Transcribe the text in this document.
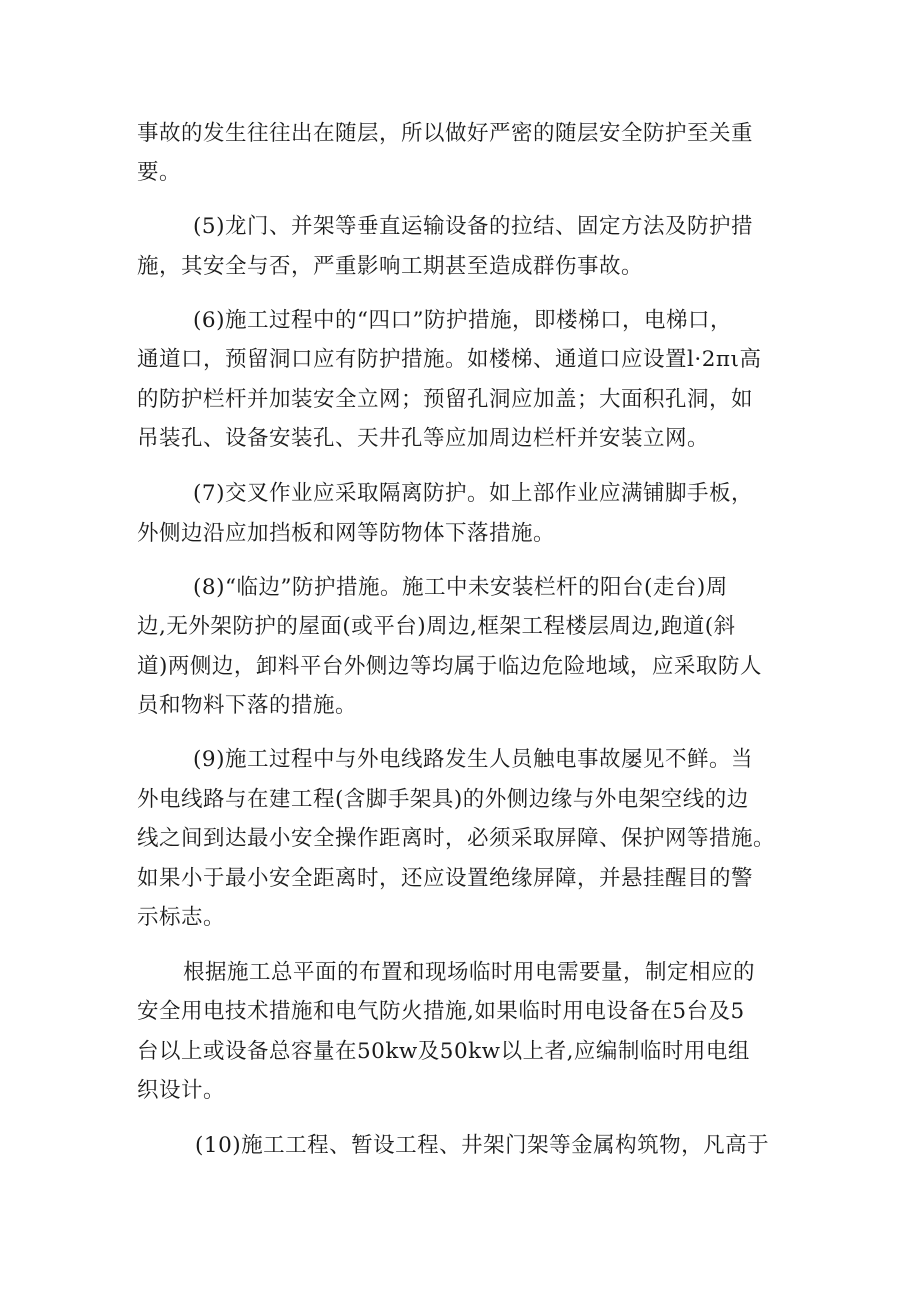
事故的发生往往出在随层，所以做好严密的随层安全防护至关重

要。

(5)龙门、并架等垂直运输设备的拉结、固定方法及防护措

施，其安全与否，严重影响工期甚至造成群伤事故。

(6)施工过程中的“四口”防护措施，即楼梯口，电梯口，

通道口，预留洞口应有防护措施。如楼梯、通道口应设置l·2πι高

的防护栏杆并加装安全立网；预留孔洞应加盖；大面积孔洞，如

吊装孔、设备安装孔、天井孔等应加周边栏杆并安装立网。

(7)交叉作业应采取隔离防护。如上部作业应满铺脚手板，

外侧边沿应加挡板和网等防物体下落措施。

(8)“临边”防护措施。施工中未安装栏杆的阳台(走台)周

边,无外架防护的屋面(或平台)周边,框架工程楼层周边,跑道(斜

道)两侧边，卸料平台外侧边等均属于临边危险地域，应采取防人

员和物料下落的措施。

(9)施工过程中与外电线路发生人员触电事故屡见不鲜。当

外电线路与在建工程(含脚手架具)的外侧边缘与外电架空线的边

线之间到达最小安全操作距离时，必须采取屏障、保护网等措施。

如果小于最小安全距离时，还应设置绝缘屏障，并悬挂醒目的警

示标志。

根据施工总平面的布置和现场临时用电需要量，制定相应的

安全用电技术措施和电气防火措施,如果临时用电设备在5台及5

台以上或设备总容量在50kw及50kw以上者,应编制临时用电组

织设计。

(10)施工工程、暂设工程、井架门架等金属构筑物，凡高于
